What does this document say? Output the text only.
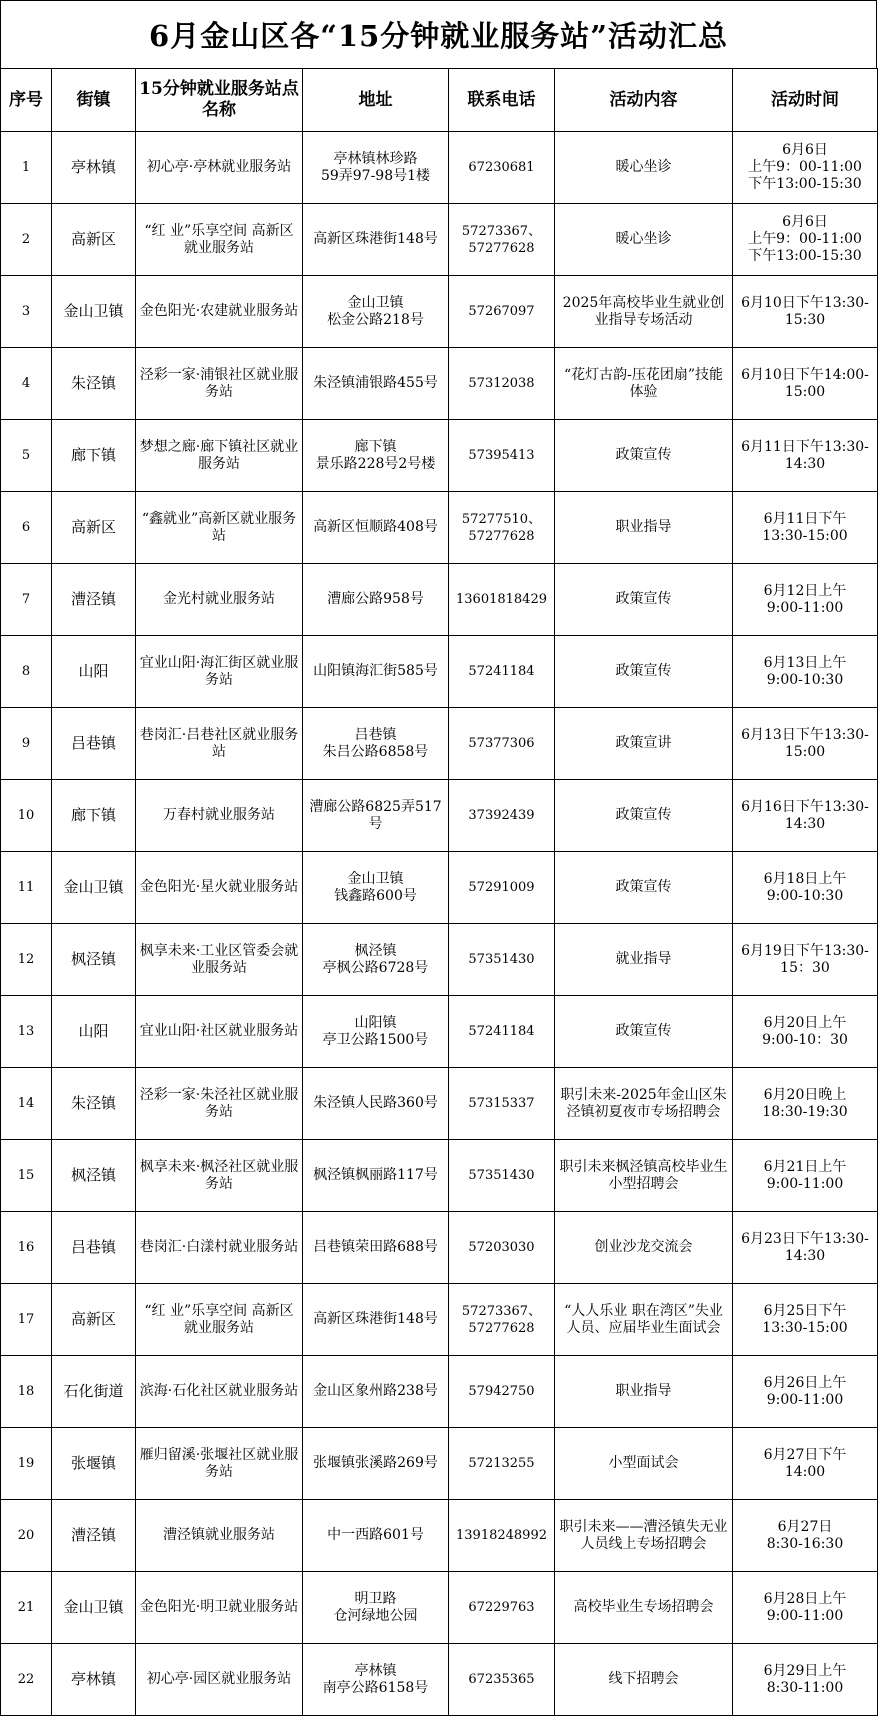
6月金山区各“15分钟就业服务站”活动汇总
序号	街镇	15分钟就业服务站点名称	地址	联系电话	活动内容	活动时间
1	亭林镇	初心亭·亭林就业服务站	亭林镇林珍路
59弄97-98号1楼	67230681	暖心坐诊	6月6日
上午9：00-11:00
下午13:00-15:30
2	高新区	“红 业”乐享空间 高新区就业服务站	高新区珠港街148号	57273367、
57277628	暖心坐诊	6月6日
上午9：00-11:00
下午13:00-15:30
3	金山卫镇	金色阳光·农建就业服务站	金山卫镇
松金公路218号	57267097	2025年高校毕业生就业创业指导专场活动	6月10日下午13:30-15:30
4	朱泾镇	泾彩一家·浦银社区就业服务站	朱泾镇浦银路455号	57312038	“花灯古韵-压花团扇”技能体验	6月10日下午14:00-15:00
5	廊下镇	梦想之廊·廊下镇社区就业服务站	廊下镇
景乐路228号2号楼	57395413	政策宣传	6月11日下午13:30-14:30
6	高新区	“鑫就业”高新区就业服务站	高新区恒顺路408号	57277510、
57277628	职业指导	6月11日下午
13:30-15:00
7	漕泾镇	金光村就业服务站	漕廊公路958号	13601818429	政策宣传	6月12日上午
9:00-11:00
8	山阳	宜业山阳·海汇街区就业服务站	山阳镇海汇街585号	57241184	政策宣传	6月13日上午
9:00-10:30
9	吕巷镇	巷岗汇·吕巷社区就业服务站	吕巷镇
朱吕公路6858号	57377306	政策宣讲	6月13日下午13:30-15:00
10	廊下镇	万春村就业服务站	漕廊公路6825弄517号	37392439	政策宣传	6月16日下午13:30-14:30
11	金山卫镇	金色阳光·星火就业服务站	金山卫镇
钱鑫路600号	57291009	政策宣传	6月18日上午
9:00-10:30
12	枫泾镇	枫享未来·工业区管委会就业服务站	枫泾镇
亭枫公路6728号	57351430	就业指导	6月19日下午13:30-15：30
13	山阳	宜业山阳·社区就业服务站	山阳镇
亭卫公路1500号	57241184	政策宣传	6月20日上午
9:00-10：30
14	朱泾镇	泾彩一家·朱泾社区就业服务站	朱泾镇人民路360号	57315337	职引未来-2025年金山区朱泾镇初夏夜市专场招聘会	6月20日晚上
18:30-19:30
15	枫泾镇	枫享未来·枫泾社区就业服务站	枫泾镇枫丽路117号	57351430	职引未来枫泾镇高校毕业生小型招聘会	6月21日上午
9:00-11:00
16	吕巷镇	巷岗汇·白漾村就业服务站	吕巷镇荣田路688号	57203030	创业沙龙交流会	6月23日下午13:30-14:30
17	高新区	“红 业”乐享空间 高新区就业服务站	高新区珠港街148号	57273367、
57277628	“人人乐业 职在湾区”失业人员、应届毕业生面试会	6月25日下午
13:30-15:00
18	石化街道	滨海·石化社区就业服务站	金山区象州路238号	57942750	职业指导	6月26日上午
9:00-11:00
19	张堰镇	雁归留溪·张堰社区就业服务站	张堰镇张溪路269号	57213255	小型面试会	6月27日下午
14:00
20	漕泾镇	漕泾镇就业服务站	中一西路601号	13918248992	职引未来——漕泾镇失无业人员线上专场招聘会	6月27日
8:30-16:30
21	金山卫镇	金色阳光·明卫就业服务站	明卫路
仓河绿地公园	67229763	高校毕业生专场招聘会	6月28日上午
9:00-11:00
22	亭林镇	初心亭·园区就业服务站	亭林镇
南亭公路6158号	67235365	线下招聘会	6月29日上午
8:30-11:00
